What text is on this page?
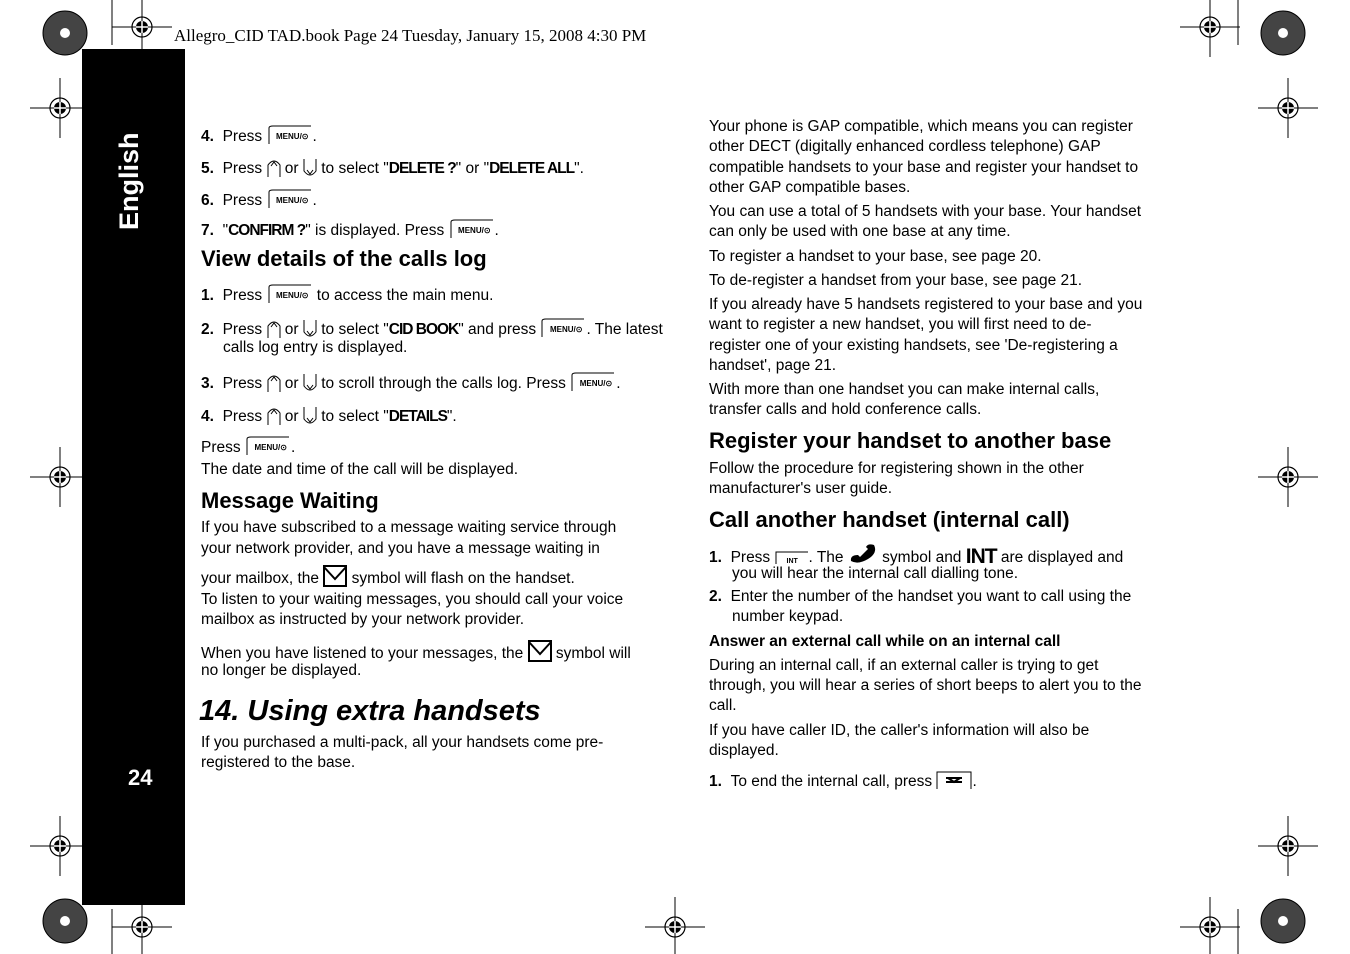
Allegro_CID TAD.book Page 24 Tuesday, January 15, 2008 4:30 PM
English
24
4. Press MENU/⊙ .
5. Press  or  to select "DELETE ?" or "DELETE ALL".
6. Press MENU/⊙ .
7. "CONFIRM ?" is displayed. Press MENU/⊙ .
View details of the calls log
1. Press MENU/⊙ to access the main menu.
2. Press  or  to select "CID BOOK" and press MENU/⊙ . The latest
calls log entry is displayed.
3. Press  or  to scroll through the calls log. Press MENU/⊙ .
4. Press  or  to select "DETAILS".
Press MENU/⊙ .
The date and time of the call will be displayed.
Message Waiting
If you have subscribed to a message waiting service through
your network provider, and you have a message waiting in
your mailbox, the  symbol will flash on the handset.
To listen to your waiting messages, you should call your voice
mailbox as instructed by your network provider.
When you have listened to your messages, the  symbol will
no longer be displayed.
14. Using extra handsets
If you purchased a multi-pack, all your handsets come pre-
registered to the base.
Your phone is GAP compatible, which means you can register
other DECT (digitally enhanced cordless telephone) GAP
compatible handsets to your base and register your handset to
other GAP compatible bases.
You can use a total of 5 handsets with your base. Your handset
can only be used with one base at any time.
To register a handset to your base, see page 20.
To de-register a handset from your base, see page 21.
If you already have 5 handsets registered to your base and you
want to register a new handset, you will first need to de-
register one of your existing handsets, see 'De-registering a
handset', page 21.
With more than one handset you can make internal calls,
transfer calls and hold conference calls.
Register your handset to another base
Follow the procedure for registering shown in the other
manufacturer's user guide.
Call another handset (internal call)
1. Press INT . The  symbol and INT are displayed and
you will hear the internal call dialling tone.
2. Enter the number of the handset you want to call using the
number keypad.
Answer an external call while on an internal call
During an internal call, if an external caller is trying to get
through, you will hear a series of short beeps to alert you to the
call.
If you have caller ID, the caller's information will also be
displayed.
1. To end the internal call, press .
